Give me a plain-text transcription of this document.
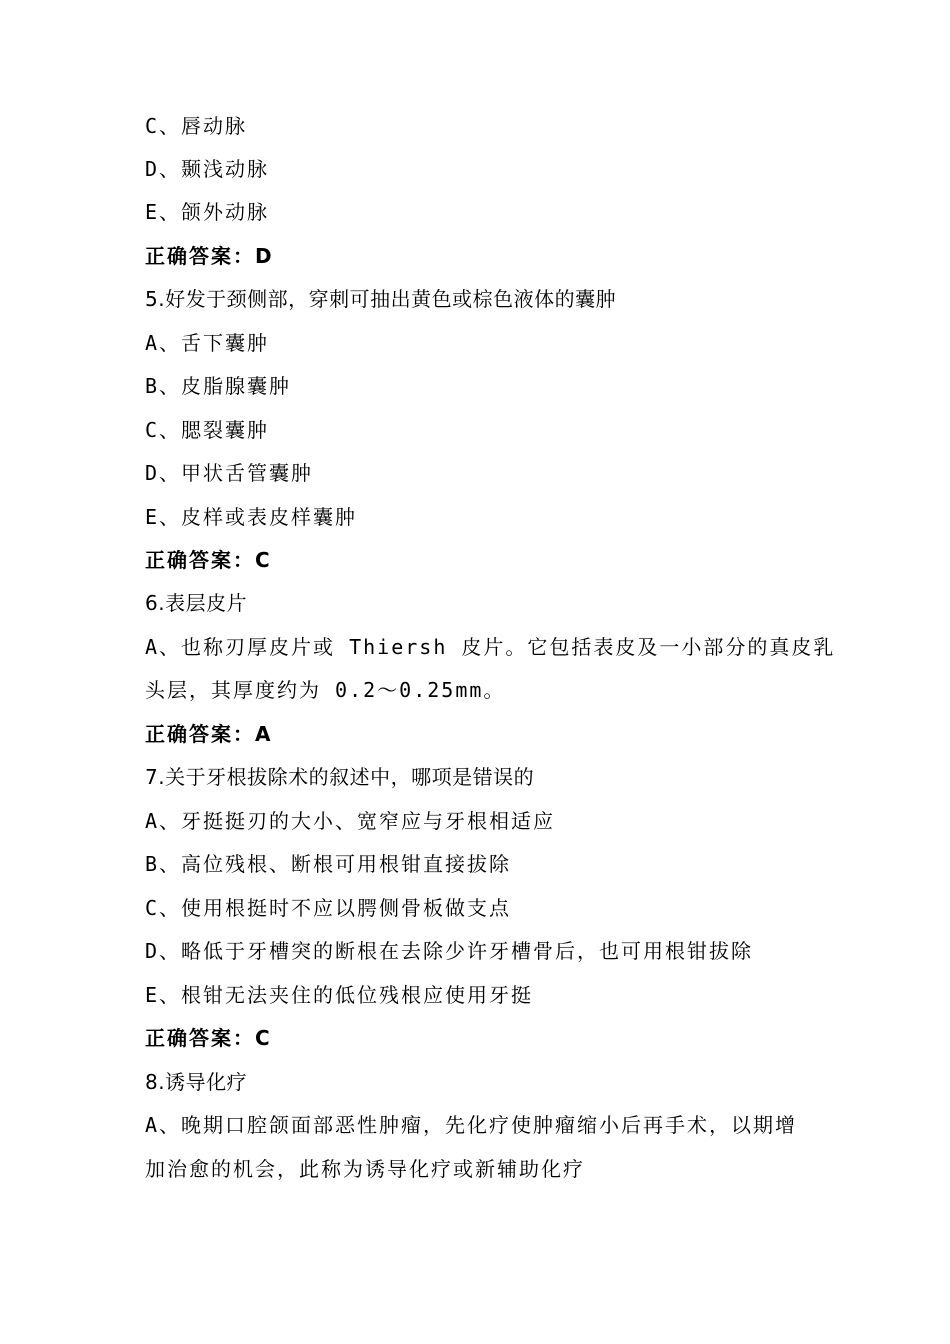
C、唇动脉
D、颞浅动脉
E、颌外动脉
正确答案：D
5.好发于颈侧部，穿刺可抽出黄色或棕色液体的囊肿
A、舌下囊肿
B、皮脂腺囊肿
C、腮裂囊肿
D、甲状舌管囊肿
E、皮样或表皮样囊肿
正确答案：C
6.表层皮片
A、也称刃厚皮片或 Thiersh 皮片。它包括表皮及一小部分的真皮乳
头层，其厚度约为 0.2～0.25mm。
正确答案：A
7.关于牙根拔除术的叙述中，哪项是错误的
A、牙挺挺刃的大小、宽窄应与牙根相适应
B、高位残根、断根可用根钳直接拔除
C、使用根挺时不应以腭侧骨板做支点
D、略低于牙槽突的断根在去除少许牙槽骨后，也可用根钳拔除
E、根钳无法夹住的低位残根应使用牙挺
正确答案：C
8.诱导化疗
A、晚期口腔颌面部恶性肿瘤，先化疗使肿瘤缩小后再手术，以期增
加治愈的机会，此称为诱导化疗或新辅助化疗
